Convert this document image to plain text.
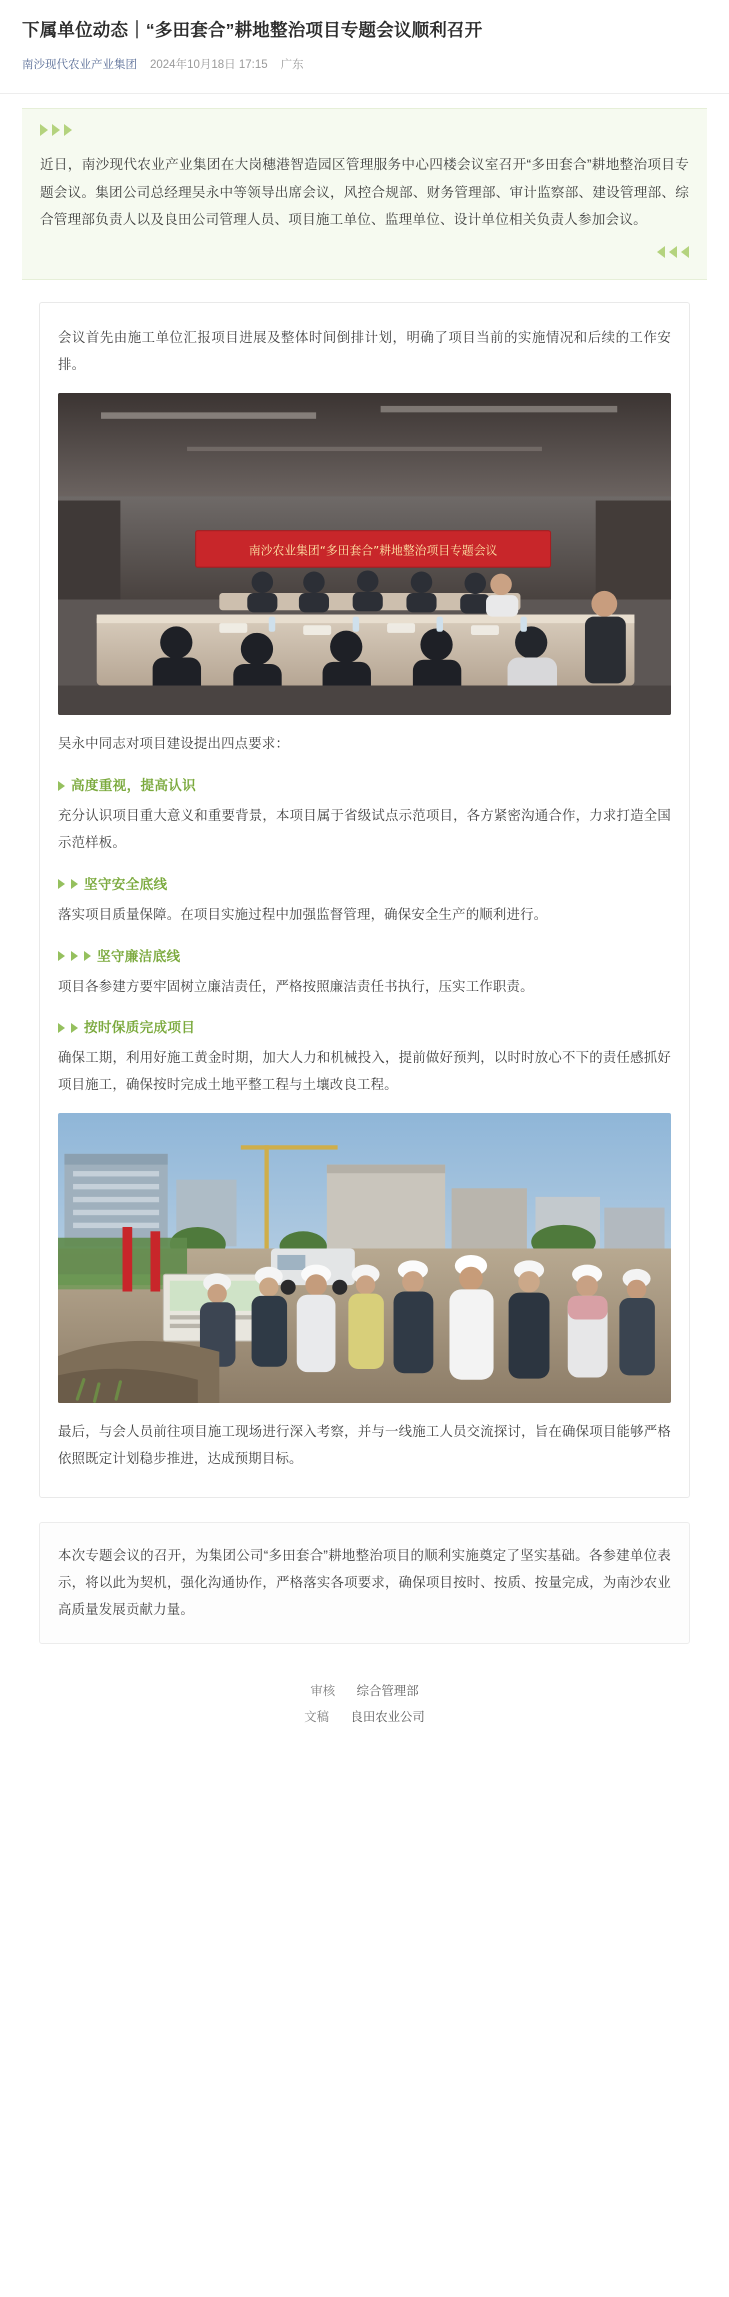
下属单位动态｜“多田套合”耕地整治项目专题会议顺利召开
南沙现代农业产业集团 2024年10月18日 17:15 广东
近日，南沙现代农业产业集团在大岗穗港智造园区管理服务中心四楼会议室召开“多田套合”耕地整治项目专题会议。集团公司总经理吴永中等领导出席会议，风控合规部、财务管理部、审计监察部、建设管理部、综合管理部负责人以及良田公司管理人员、项目施工单位、监理单位、设计单位相关负责人参加会议。

会议首先由施工单位汇报项目进展及整体时间倒排计划，明确了项目当前的实施情况和后续的工作安排。

南沙农业集团“多田套合”耕地整治项目专题会议

吴永中同志对项目建设提出四点要求：

高度重视，提高认识

充分认识项目重大意义和重要背景，本项目属于省级试点示范项目，各方紧密沟通合作，力求打造全国示范样板。

坚守安全底线

落实项目质量保障。在项目实施过程中加强监督管理，确保安全生产的顺利进行。

坚守廉洁底线

项目各参建方要牢固树立廉洁责任，严格按照廉洁责任书执行，压实工作职责。

按时保质完成项目

确保工期，利用好施工黄金时期，加大人力和机械投入，提前做好预判，以时时放心不下的责任感抓好项目施工，确保按时完成土地平整工程与土壤改良工程。

最后，与会人员前往项目施工现场进行深入考察，并与一线施工人员交流探讨，旨在确保项目能够严格依照既定计划稳步推进，达成预期目标。

本次专题会议的召开，为集团公司“多田套合”耕地整治项目的顺利实施奠定了坚实基础。各参建单位表示，将以此为契机，强化沟通协作，严格落实各项要求，确保项目按时、按质、按量完成，为南沙农业高质量发展贡献力量。

审核 综合管理部
文稿 良田农业公司
